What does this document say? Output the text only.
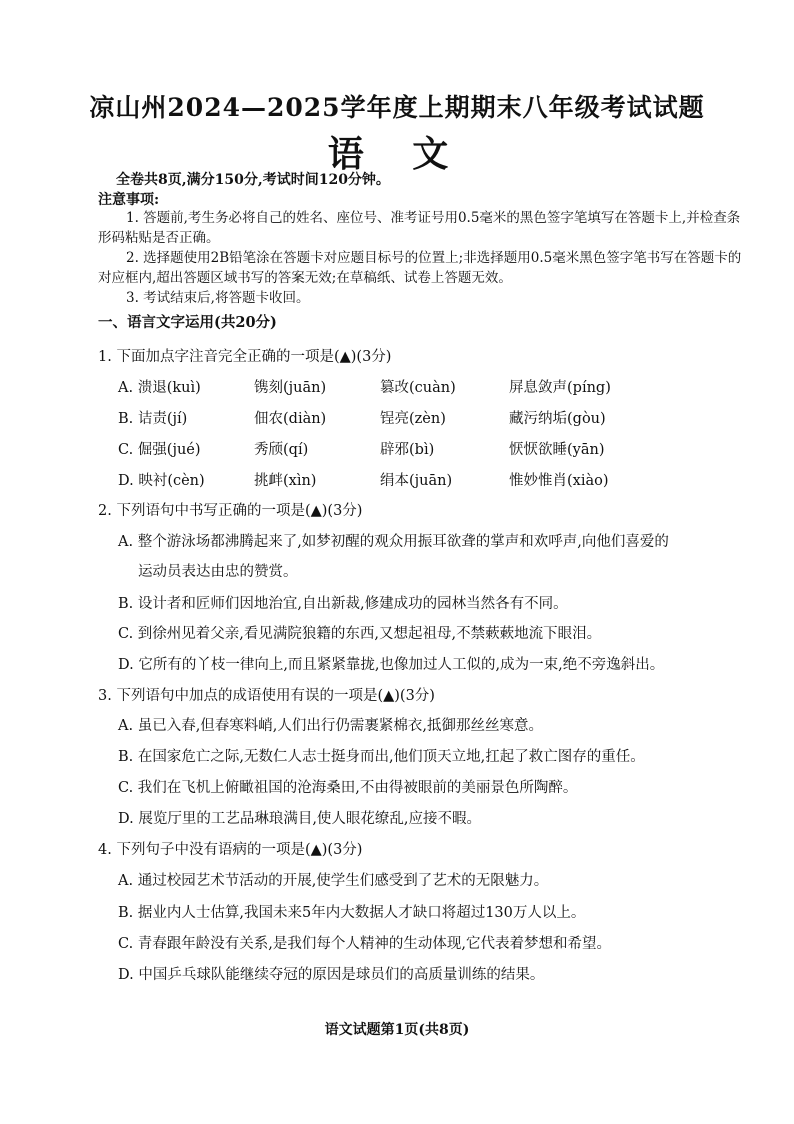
凉山州2024—2025学年度上期期末八年级考试试题
语 文
全卷共8页,满分150分,考试时间120分钟。
注意事项:
1. 答题前,考生务必将自己的姓名、座位号、准考证号用0.5毫米的黑色签字笔填写在答题卡上,并检查条形码粘贴是否正确。
2. 选择题使用2B铅笔涂在答题卡对应题目标号的位置上;非选择题用0.5毫米黑色签字笔书写在答题卡的对应框内,超出答题区域书写的答案无效;在草稿纸、试卷上答题无效。
3. 考试结束后,将答题卡收回。
一、语言文字运用(共20分)
1. 下面加点字注音完全正确的一项是(▲)(3分)
A. 溃退(kuì)	镌刻(juān)	篡改(cuàn)	屏息敛声(píng)
B. 诘责(jí)	佃农(diàn)	锃亮(zèn)	藏污纳垢(gòu)
C. 倔强(jué)	秀颀(qí)	辟邪(bì)	恹恹欲睡(yān)
D. 映衬(cèn)	挑衅(xìn)	绢本(juān)	惟妙惟肖(xiào)
2. 下列语句中书写正确的一项是(▲)(3分)
A. 整个游泳场都沸腾起来了,如梦初醒的观众用振耳欲聋的掌声和欢呼声,向他们喜爱的
运动员表达由忠的赞赏。
B. 设计者和匠师们因地治宜,自出新裁,修建成功的园林当然各有不同。
C. 到徐州见着父亲,看见满院狼籍的东西,又想起祖母,不禁蔌蔌地流下眼泪。
D. 它所有的丫枝一律向上,而且紧紧靠拢,也像加过人工似的,成为一束,绝不旁逸斜出。
3. 下列语句中加点的成语使用有误的一项是(▲)(3分)
A. 虽已入春,但春寒料峭,人们出行仍需裹紧棉衣,抵御那丝丝寒意。
B. 在国家危亡之际,无数仁人志士挺身而出,他们顶天立地,扛起了救亡图存的重任。
C. 我们在飞机上俯瞰祖国的沧海桑田,不由得被眼前的美丽景色所陶醉。
D. 展览厅里的工艺品琳琅满目,使人眼花缭乱,应接不暇。
4. 下列句子中没有语病的一项是(▲)(3分)
A. 通过校园艺术节活动的开展,使学生们感受到了艺术的无限魅力。
B. 据业内人士估算,我国未来5年内大数据人才缺口将超过130万人以上。
C. 青春跟年龄没有关系,是我们每个人精神的生动体现,它代表着梦想和希望。
D. 中国乒乓球队能继续夺冠的原因是球员们的高质量训练的结果。
语文试题第1页(共8页)
